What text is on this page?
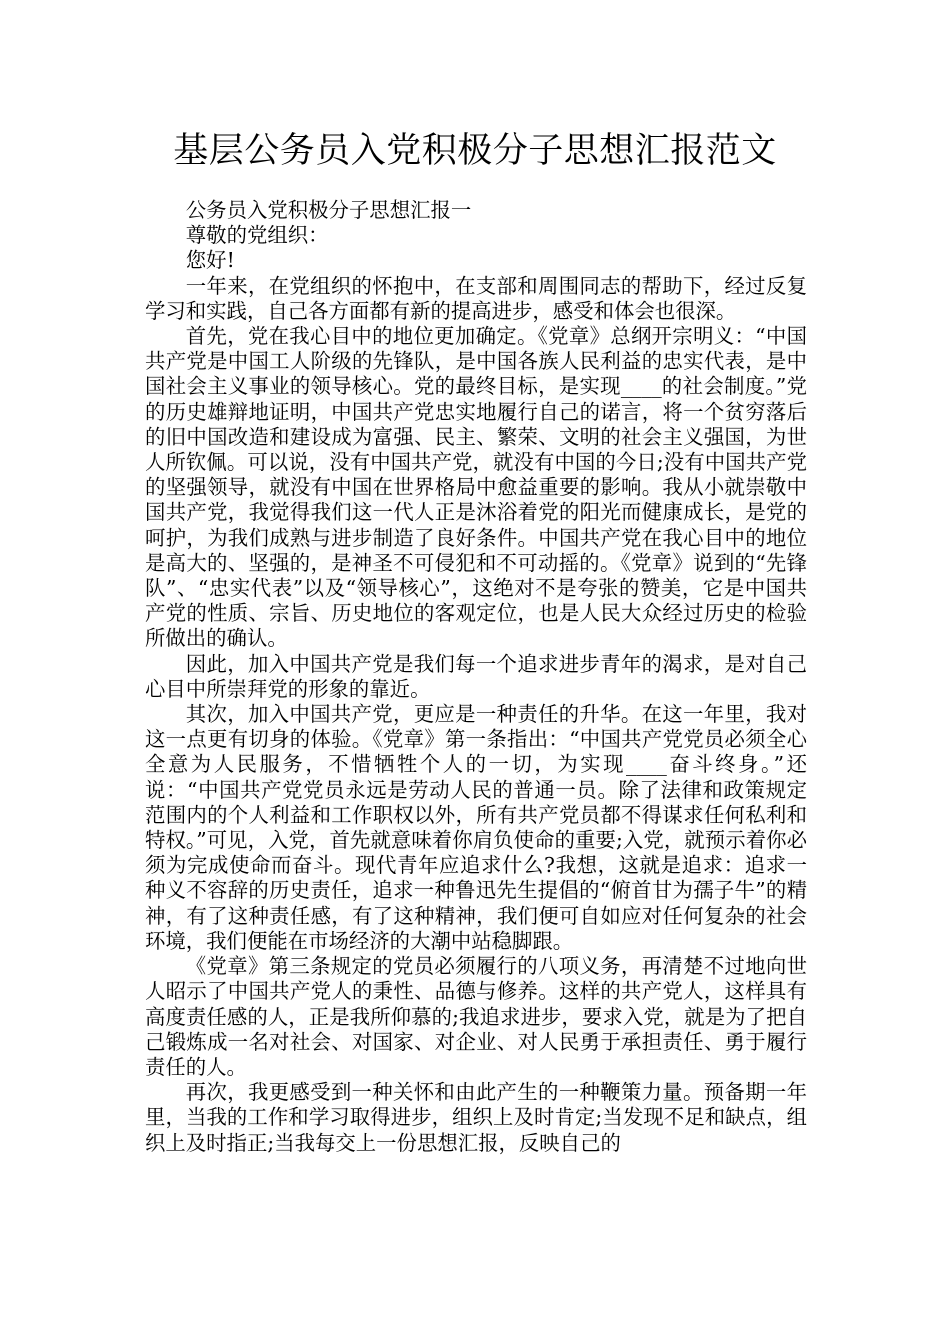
基层公务员入党积极分子思想汇报范文

公务员入党积极分子思想汇报一

尊敬的党组织：

您好!

一年来，在党组织的怀抱中，在支部和周围同志的帮助下，经过反复学习和实践，自己各方面都有新的提高进步，感受和体会也很深。

首先，党在我心目中的地位更加确定。《党章》总纲开宗明义：“中国共产党是中国工人阶级的先锋队，是中国各族人民利益的忠实代表，是中国社会主义事业的领导核心。党的最终目标，是实现____的社会制度。”党的历史雄辩地证明，中国共产党忠实地履行自己的诺言，将一个贫穷落后的旧中国改造和建设成为富强、民主、繁荣、文明的社会主义强国，为世人所钦佩。可以说，没有中国共产党，就没有中国的今日;没有中国共产党的坚强领导，就没有中国在世界格局中愈益重要的影响。我从小就崇敬中国共产党，我觉得我们这一代人正是沐浴着党的阳光而健康成长，是党的呵护，为我们成熟与进步制造了良好条件。中国共产党在我心目中的地位是高大的、坚强的，是神圣不可侵犯和不可动摇的。《党章》说到的“先锋队”、“忠实代表”以及“领导核心”，这绝对不是夸张的赞美，它是中国共产党的性质、宗旨、历史地位的客观定位，也是人民大众经过历史的检验所做出的确认。

因此，加入中国共产党是我们每一个追求进步青年的渴求，是对自己心目中所崇拜党的形象的靠近。

其次，加入中国共产党，更应是一种责任的升华。在这一年里，我对这一点更有切身的体验。《党章》第一条指出：“中国共产党党员必须全心全意为人民服务，不惜牺牲个人的一切，为实现____奋斗终身。”还说：“中国共产党党员永远是劳动人民的普通一员。除了法律和政策规定范围内的个人利益和工作职权以外，所有共产党员都不得谋求任何私利和特权。”可见，入党，首先就意味着你肩负使命的重要;入党，就预示着你必须为完成使命而奋斗。现代青年应追求什么?我想，这就是追求：追求一种义不容辞的历史责任，追求一种鲁迅先生提倡的“俯首甘为孺子牛”的精神，有了这种责任感，有了这种精神，我们便可自如应对任何复杂的社会环境，我们便能在市场经济的大潮中站稳脚跟。

《党章》第三条规定的党员必须履行的八项义务，再清楚不过地向世人昭示了中国共产党人的秉性、品德与修养。这样的共产党人，这样具有高度责任感的人，正是我所仰慕的;我追求进步，要求入党，就是为了把自己锻炼成一名对社会、对国家、对企业、对人民勇于承担责任、勇于履行责任的人。

再次，我更感受到一种关怀和由此产生的一种鞭策力量。预备期一年里，当我的工作和学习取得进步，组织上及时肯定;当发现不足和缺点，组织上及时指正;当我每交上一份思想汇报，反映自己的
